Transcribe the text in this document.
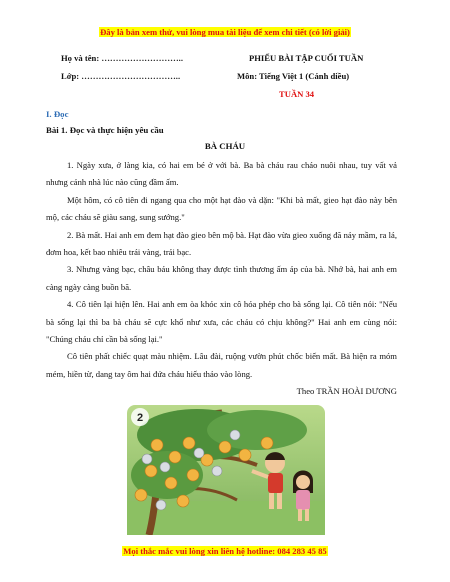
Đây là bản xem thử, vui lòng mua tài liệu để xem chi tiết (có lời giải)
Họ và tên: ………………………..
Lớp: ……………………………..
PHIẾU BÀI TẬP CUỐI TUẦN
Môn: Tiếng Việt 1 (Cánh diều)
TUẦN 34
I. Đọc
Bài 1. Đọc và thực hiện yêu cầu
BÀ CHÁU

1. Ngày xưa, ở làng kia, có hai em bé ở với bà. Ba bà cháu rau cháo nuôi nhau, tuy vất vả nhưng cảnh nhà lúc nào cũng đầm ấm.

Một hôm, có cô tiên đi ngang qua cho một hạt đào và dặn: "Khi bà mất, gieo hạt đào này bên mộ, các cháu sẽ giàu sang, sung sướng."

2. Bà mất. Hai anh em đem hạt đào gieo bên mộ bà. Hạt đào vừa gieo xuống đã nảy mầm, ra lá, đơm hoa, kết bao nhiêu trái vàng, trái bạc.

3. Nhưng vàng bạc, châu báu không thay được tình thương ấm áp của bà. Nhớ bà, hai anh em càng ngày càng buồn bã.

4. Cô tiên lại hiện lên. Hai anh em òa khóc xin cô hóa phép cho bà sống lại. Cô tiên nói: "Nếu bà sống lại thì ba bà cháu sẽ cực khổ như xưa, các cháu có chịu không?" Hai anh em cùng nói: "Chúng cháu chỉ cần bà sống lại."

Cô tiên phất chiếc quạt màu nhiệm. Lâu đài, ruộng vườn phút chốc biến mất. Bà hiện ra móm mém, hiền từ, dang tay ôm hai đứa cháu hiếu thảo vào lòng.

Theo TRẦN HOÀI DƯƠNG

2
Mọi thắc mắc vui lòng xin liên hệ hotline: 084 283 45 85
